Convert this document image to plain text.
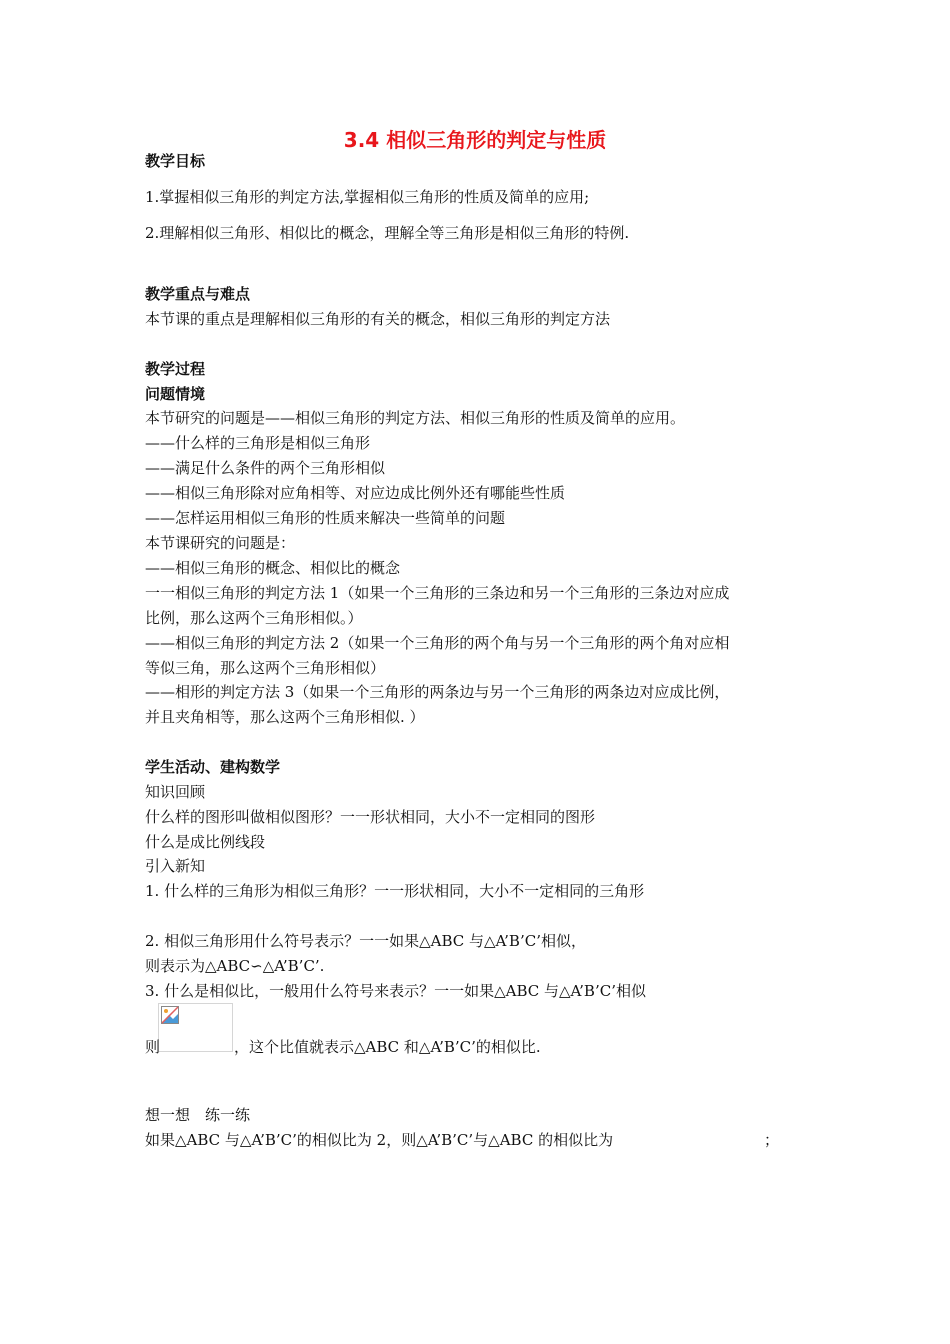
3.4 相似三角形的判定与性质
教学目标
1.掌握相似三角形的判定方法,掌握相似三角形的性质及简单的应用;
2.理解相似三角形、相似比的概念，理解全等三角形是相似三角形的特例.
教学重点与难点
本节课的重点是理解相似三角形的有关的概念，相似三角形的判定方法
教学过程
问题情境
本节研究的问题是——相似三角形的判定方法、相似三角形的性质及简单的应用。
——什么样的三角形是相似三角形
——满足什么条件的两个三角形相似
——相似三角形除对应角相等、对应边成比例外还有哪能些性质
——怎样运用相似三角形的性质来解决一些简单的问题
本节课研究的问题是：
——相似三角形的概念、相似比的概念
一一相似三角形的判定方法 1（如果一个三角形的三条边和另一个三角形的三条边对应成
比例，那么这两个三角形相似。）
——相似三角形的判定方法 2（如果一个三角形的两个角与另一个三角形的两个角对应相
等似三角，那么这两个三角形相似）
——相形的判定方法 3（如果一个三角形的两条边与另一个三角形的两条边对应成比例，
并且夹角相等，那么这两个三角形相似. ）
学生活动、建构数学
知识回顾
什么样的图形叫做相似图形？一一形状相同，大小不一定相同的图形
什么是成比例线段
引入新知
1. 什么样的三角形为相似三角形？一一形状相同，大小不一定相同的三角形
2. 相似三角形用什么符号表示？一一如果△ABC 与△A’B’C’相似，
则表示为△ABC∽△A’B’C’.
3. 什么是相似比，一般用什么符号来表示？一一如果△ABC 与△A’B’C’相似
则	，这个比值就表示△ABC 和△A’B’C’的相似比.
想一想　练一练
如果△ABC 与△A’B’C’的相似比为 2，则△A’B’C’与△ABC 的相似比为	；
